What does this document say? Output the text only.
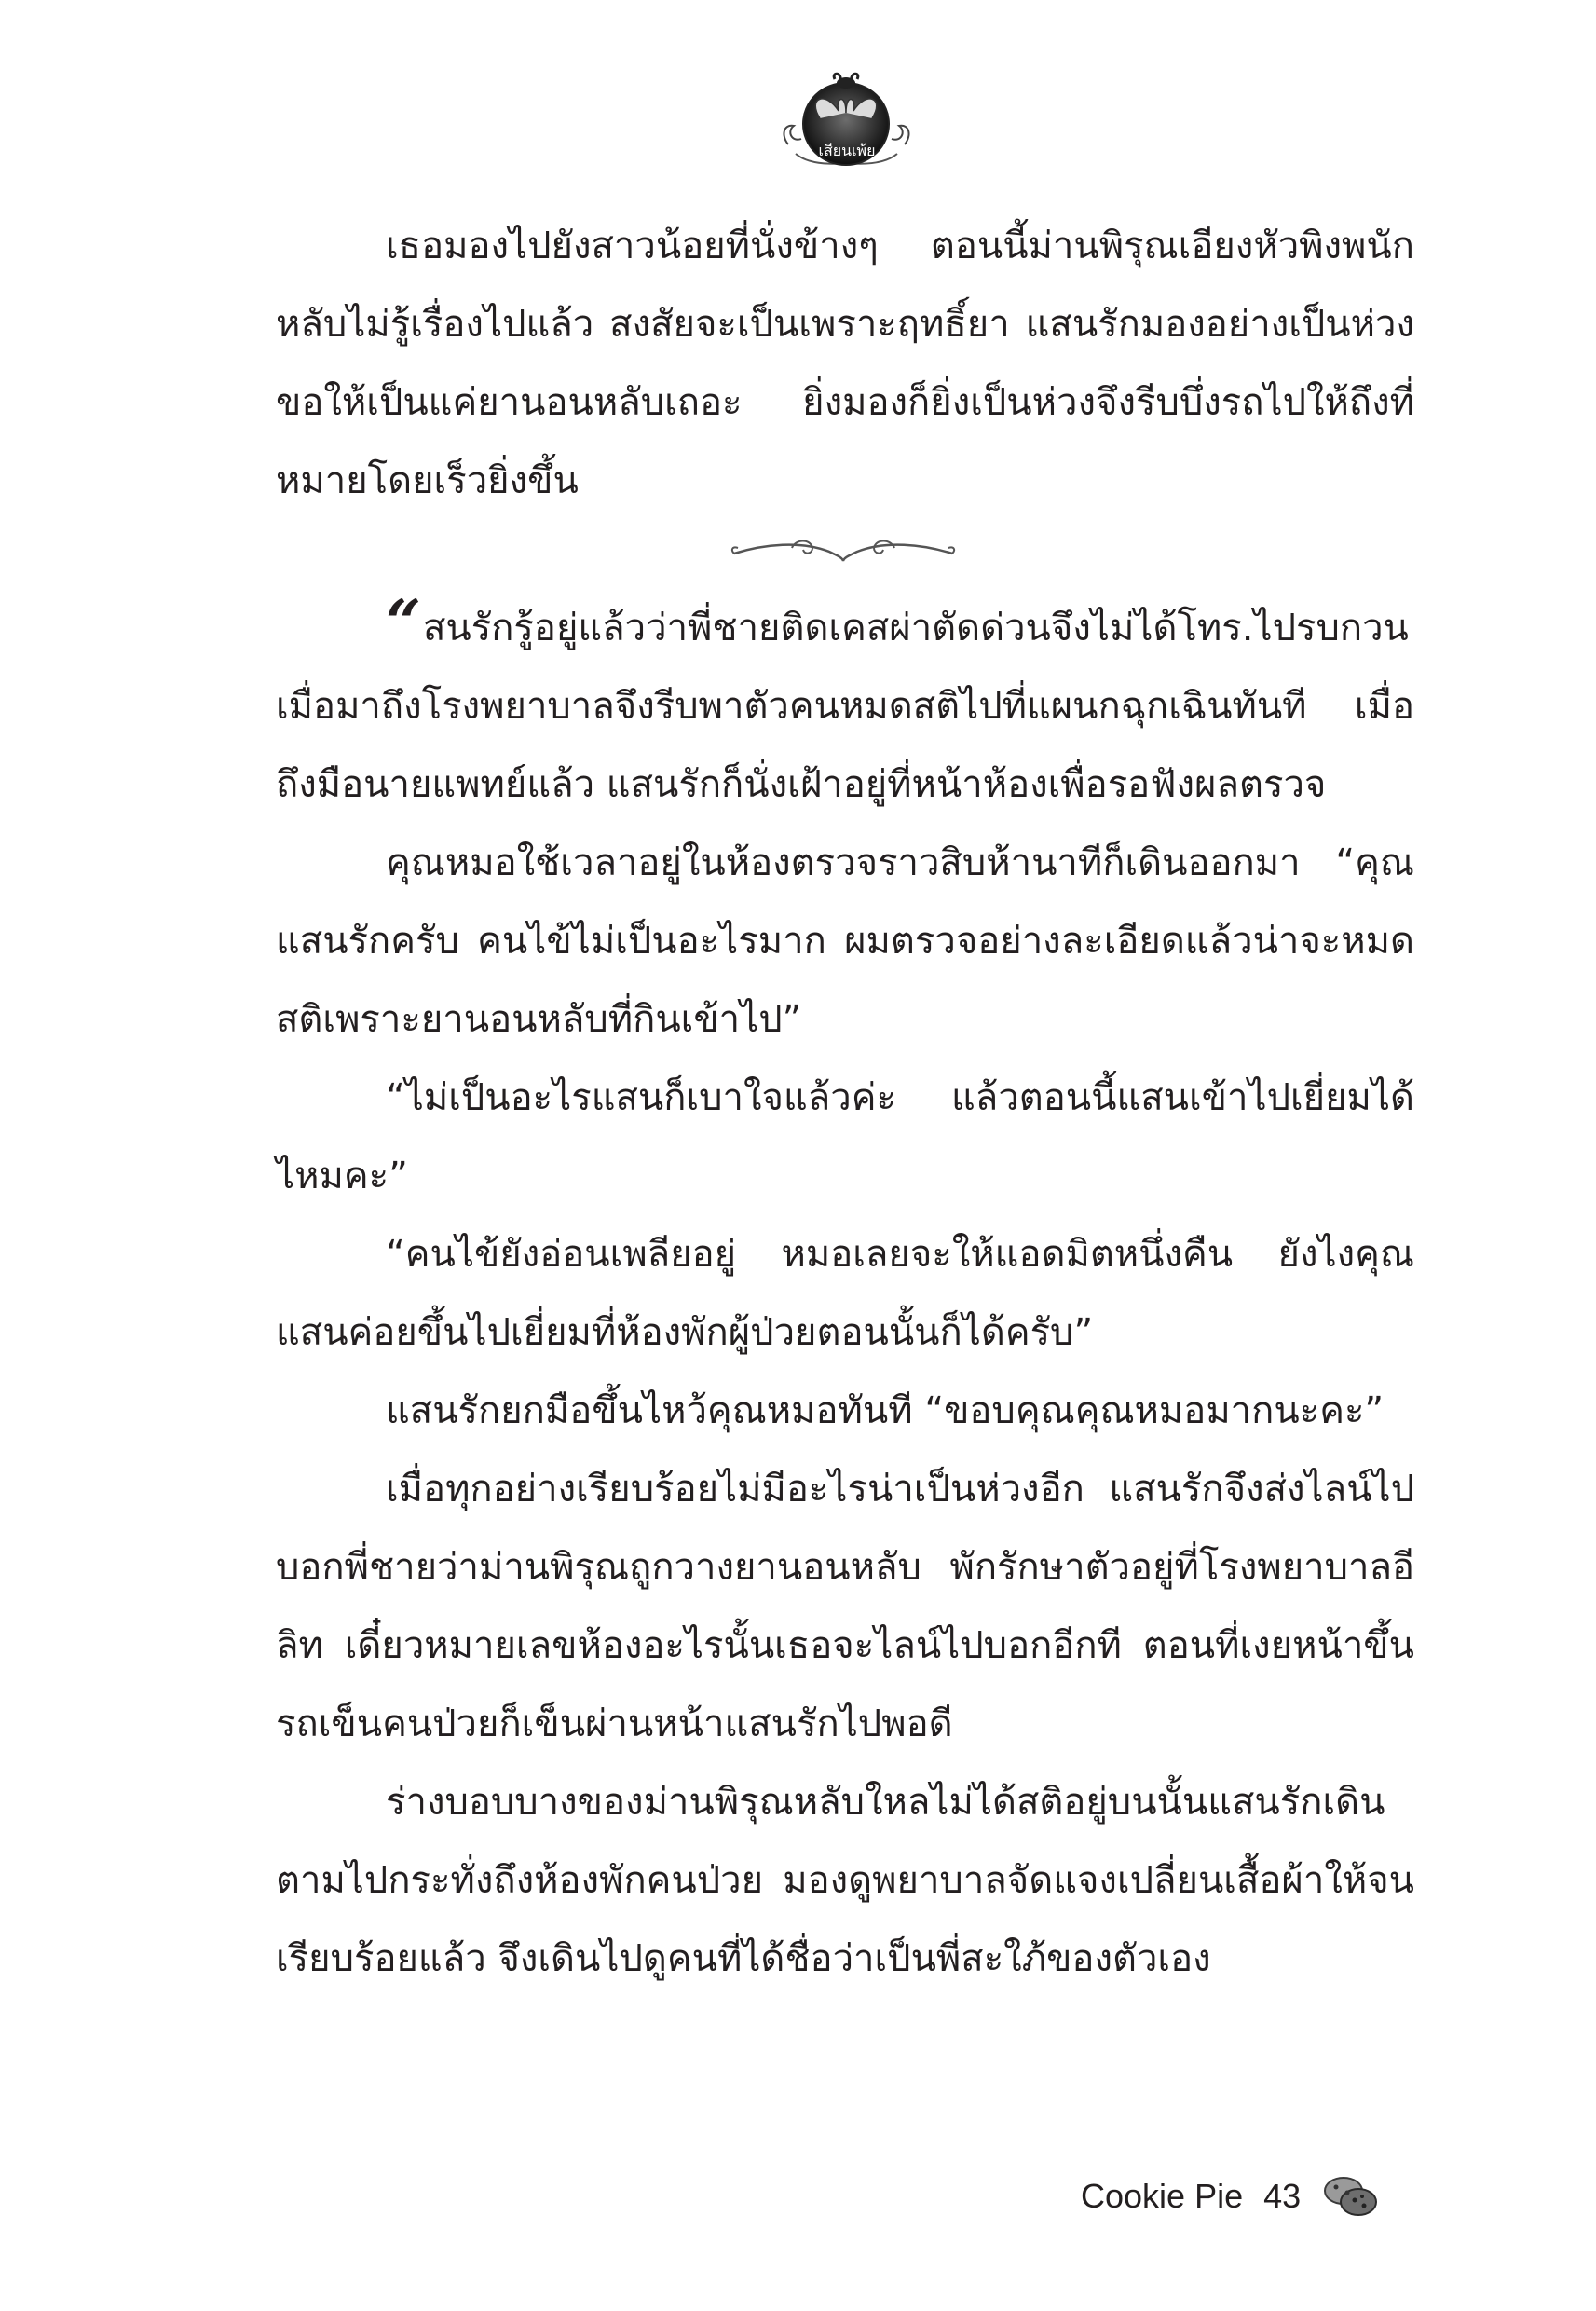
เสียนเพ้ย

เธอมองไปยังสาวน้อยที่นั่งข้างๆ ตอนนี้ม่านพิรุณเอียงหัวพิงพนักหลับไม่รู้เรื่องไปแล้ว สงสัยจะเป็นเพราะฤทธิ์ยา แสนรักมองอย่างเป็นห่วง ขอให้เป็นแค่ยานอนหลับเถอะ ยิ่งมองก็ยิ่งเป็นห่วงจึงรีบบึ่งรถไปให้ถึงที่หมายโดยเร็วยิ่งขึ้น

“สนรักรู้อยู่แล้วว่าพี่ชายติดเคสผ่าตัดด่วนจึงไม่ได้โทร.ไปรบกวน เมื่อมาถึงโรงพยาบาลจึงรีบพาตัวคนหมดสติไปที่แผนกฉุกเฉินทันที เมื่อถึงมือนายแพทย์แล้ว แสนรักก็นั่งเฝ้าอยู่ที่หน้าห้องเพื่อรอฟังผลตรวจ

คุณหมอใช้เวลาอยู่ในห้องตรวจราวสิบห้านาทีก็เดินออกมา “คุณแสนรักครับ คนไข้ไม่เป็นอะไรมาก ผมตรวจอย่างละเอียดแล้วน่าจะหมดสติเพราะยานอนหลับที่กินเข้าไป”

“ไม่เป็นอะไรแสนก็เบาใจแล้วค่ะ แล้วตอนนี้แสนเข้าไปเยี่ยมได้ไหมคะ”

“คนไข้ยังอ่อนเพลียอยู่ หมอเลยจะให้แอดมิตหนึ่งคืน ยังไงคุณแสนค่อยขึ้นไปเยี่ยมที่ห้องพักผู้ป่วยตอนนั้นก็ได้ครับ”

แสนรักยกมือขึ้นไหว้คุณหมอทันที “ขอบคุณคุณหมอมากนะคะ”

เมื่อทุกอย่างเรียบร้อยไม่มีอะไรน่าเป็นห่วงอีก แสนรักจึงส่งไลน์ไปบอกพี่ชายว่าม่านพิรุณถูกวางยานอนหลับ พักรักษาตัวอยู่ที่โรงพยาบาลอีลิท เดี๋ยวหมายเลขห้องอะไรนั้นเธอจะไลน์ไปบอกอีกที ตอนที่เงยหน้าขึ้น รถเข็นคนป่วยก็เข็นผ่านหน้าแสนรักไปพอดี

ร่างบอบบางของม่านพิรุณหลับใหลไม่ได้สติอยู่บนนั้นแสนรักเดินตามไปกระทั่งถึงห้องพักคนป่วย มองดูพยาบาลจัดแจงเปลี่ยนเสื้อผ้าให้จนเรียบร้อยแล้ว จึงเดินไปดูคนที่ได้ชื่อว่าเป็นพี่สะใภ้ของตัวเอง

Cookie Pie 43
